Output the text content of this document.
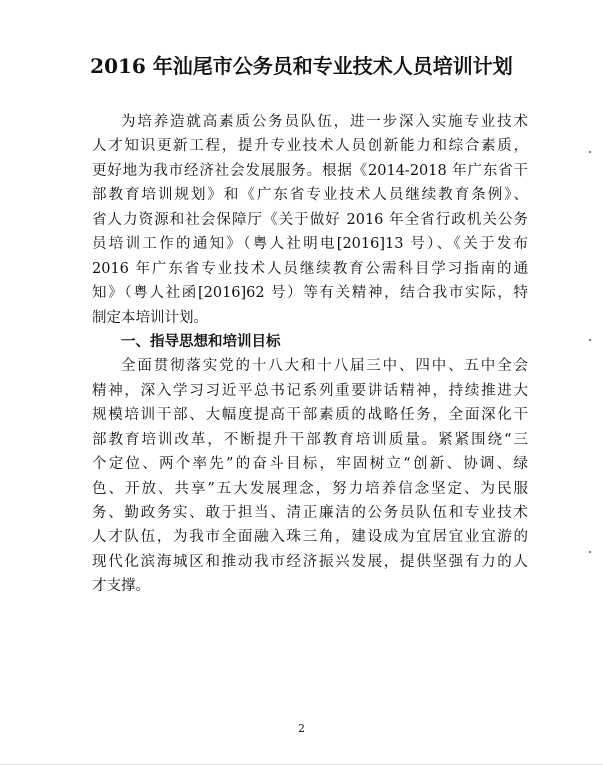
2016 年汕尾市公务员和专业技术人员培训计划
为培养造就高素质公务员队伍，进一步深入实施专业技术
人才知识更新工程，提升专业技术人员创新能力和综合素质，
更好地为我市经济社会发展服务。根据《2014-2018 年广东省干
部教育培训规划》和《广东省专业技术人员继续教育条例》、
省人力资源和社会保障厅《关于做好 2016 年全省行政机关公务
员培训工作的通知》（粤人社明电[2016]13 号）、《关于发布
2016 年广东省专业技术人员继续教育公需科目学习指南的通
知》（粤人社函[2016]62 号）等有关精神，结合我市实际，特
制定本培训计划。
一、指导思想和培训目标
全面贯彻落实党的十八大和十八届三中、四中、五中全会
精神，深入学习习近平总书记系列重要讲话精神，持续推进大
规模培训干部、大幅度提高干部素质的战略任务，全面深化干
部教育培训改革，不断提升干部教育培训质量。紧紧围绕“三
个定位、两个率先”的奋斗目标，牢固树立“创新、协调、绿
色、开放、共享”五大发展理念，努力培养信念坚定、为民服
务、勤政务实、敢于担当、清正廉洁的公务员队伍和专业技术
人才队伍，为我市全面融入珠三角，建设成为宜居宜业宜游的
现代化滨海城区和推动我市经济振兴发展，提供坚强有力的人
才支撑。
2
